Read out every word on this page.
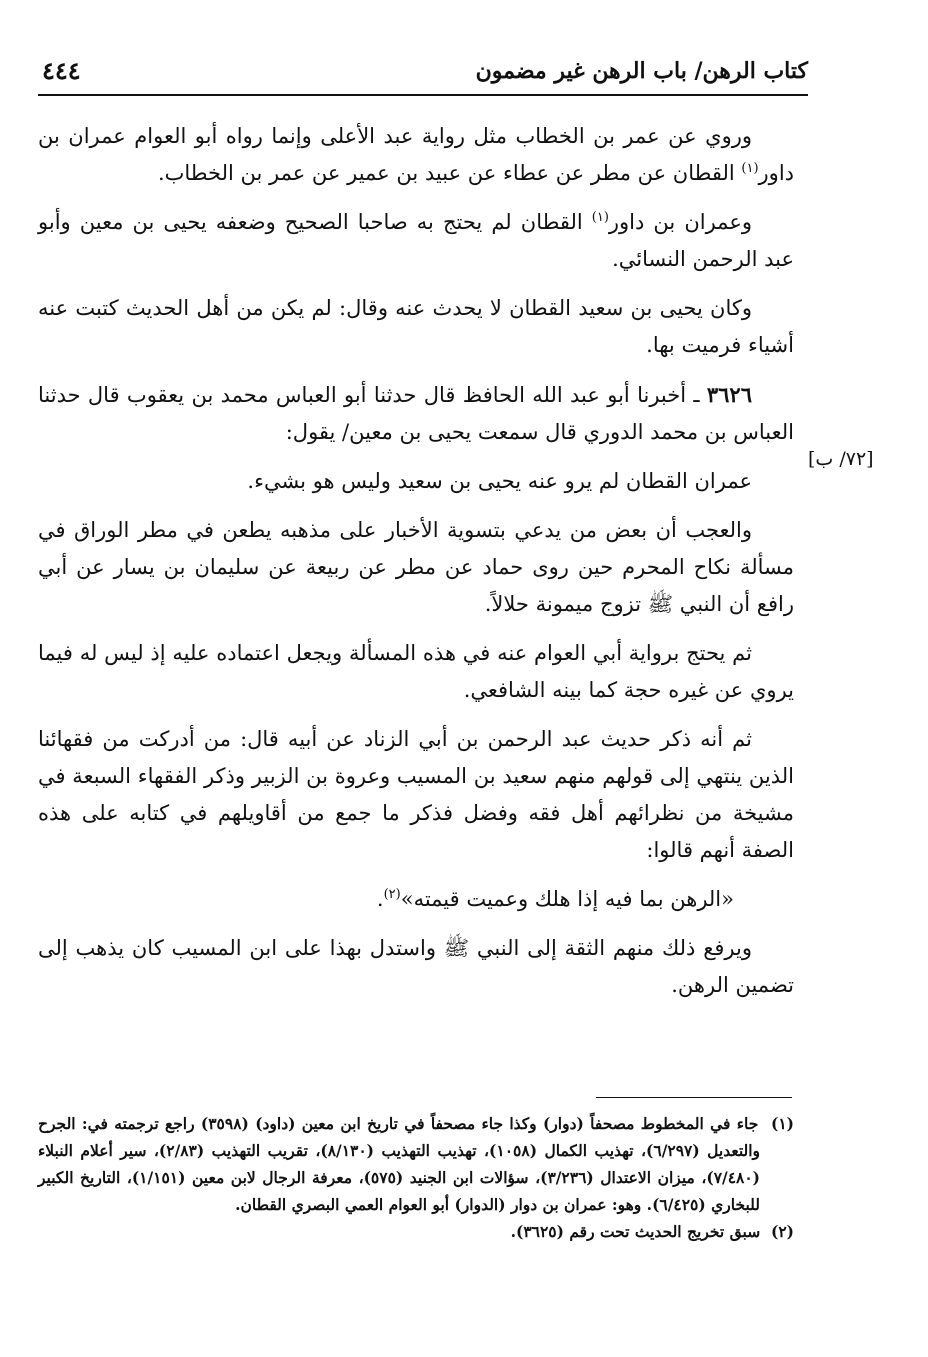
كتاب الرهن/ باب الرهن غير مضمون
٤٤٤
[٧٢/ ب]

وروي عن عمر بن الخطاب مثل رواية عبد الأعلى وإنما رواه أبو العوام عمران بن داور$^{(١)}$ القطان عن مطر عن عطاء عن عبيد بن عمير عن عمر بن الخطاب.

وعمران بن داور$^{(١)}$ القطان لم يحتج به صاحبا الصحيح وضعفه يحيى بن معين وأبو عبد الرحمن النسائي.

وكان يحيى بن سعيد القطان لا يحدث عنه وقال: لم يكن من أهل الحديث كتبت عنه أشياء فرميت بها.

٣٦٢٦ ـ أخبرنا أبو عبد الله الحافظ قال حدثنا أبو العباس محمد بن يعقوب قال حدثنا العباس بن محمد الدوري قال سمعت يحيى بن معين/ يقول:

عمران القطان لم يرو عنه يحيى بن سعيد وليس هو بشيء.

والعجب أن بعض من يدعي بتسوية الأخبار على مذهبه يطعن في مطر الوراق في مسألة نكاح المحرم حين روى حماد عن مطر عن ربيعة عن سليمان بن يسار عن أبي رافع أن النبي ﷺ تزوج ميمونة حلالاً.

ثم يحتج برواية أبي العوام عنه في هذه المسألة ويجعل اعتماده عليه إذ ليس له فيما يروي عن غيره حجة كما بينه الشافعي.

ثم أنه ذكر حديث عبد الرحمن بن أبي الزناد عن أبيه قال: من أدركت من فقهائنا الذين ينتهي إلى قولهم منهم سعيد بن المسيب وعروة بن الزبير وذكر الفقهاء السبعة في مشيخة من نظرائهم أهل فقه وفضل فذكر ما جمع من أقاويلهم في كتابه على هذه الصفة أنهم قالوا:

«الرهن بما فيه إذا هلك وعميت قيمته»$^{(٢)}$.

ويرفع ذلك منهم الثقة إلى النبي ﷺ واستدل بهذا على ابن المسيب كان يذهب إلى تضمين الرهن.

(١)  جاء في المخطوط مصحفاً (دوار) وكذا جاء مصحفاً في تاريخ ابن معين (داود) (٣٥٩٨) راجع ترجمته في: الجرح والتعديل (٦/٢٩٧)، تهذيب الكمال (١٠٥٨)، تهذيب التهذيب (٨/١٣٠)، تقريب التهذيب (٢/٨٣)، سير أعلام النبلاء (٧/٤٨٠)، ميزان الاعتدال (٣/٢٣٦)، سؤالات ابن الجنيد (٥٧٥)، معرفة الرجال لابن معين (١/١٥١)، التاريخ الكبير للبخاري (٦/٤٢٥). وهو: عمران بن دوار (الدوار) أبو العوام العمي البصري القطان.

(٢)  سبق تخريج الحديث تحت رقم (٣٦٢٥).
